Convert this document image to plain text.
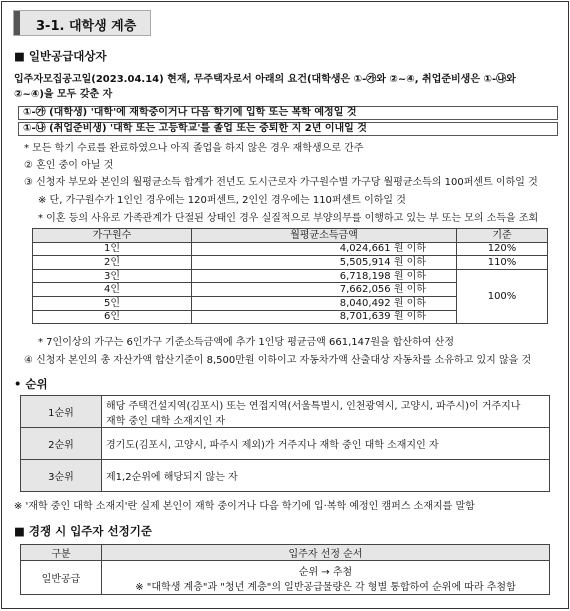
3-1. 대학생 계층
■ 일반공급대상자
입주자모집공고일(2023.04.14) 현재, 무주택자로서 아래의 요건(대학생은 ①-㉮와 ②~④, 취업준비생은 ①-㉯와
②~④)을 모두 갖춘 자
①-㉮ (대학생) '대학'에 재학중이거나 다음 학기에 입학 또는 복학 예정일 것
①-㉯ (취업준비생) '대학 또는 고등학교'를 졸업 또는 중퇴한 지 2년 이내일 것
* 모든 학기 수료를 완료하였으나 아직 졸업을 하지 않은 경우 재학생으로 간주
② 혼인 중이 아닐 것
③ 신청자 부모와 본인의 월평균소득 합계가 전년도 도시근로자 가구원수별 가구당 월평균소득의 100퍼센트 이하일 것
※ 단, 가구원수가 1인인 경우에는 120퍼센트, 2인인 경우에는 110퍼센트 이하일 것
* 이혼 등의 사유로 가족관계가 단절된 상태인 경우 실질적으로 부양의무를 이행하고 있는 부 또는 모의 소득을 조회
가구원수	월평균소득금액	기준
1인	4,024,661 원 이하	120%
2인	5,505,914 원 이하	110%
3인	6,718,198 원 이하	100%
4인	7,662,056 원 이하	
5인	8,040,492 원 이하	
6인	8,701,639 원 이하	
* 7인이상의 가구는 6인가구 기준소득금액에 추가 1인당 평균금액 661,147원을 합산하여 산정
④ 신청자 본인의 총 자산가액 합산기준이 8,500만원 이하이고 자동차가액 산출대상 자동차를 소유하고 있지 않을 것
• 순위
1순위	해당 주택건설지역(김포시) 또는 연접지역(서울특별시, 인천광역시, 고양시, 파주시)이 거주지나
재학 중인 대학 소재지인 자

2순위	경기도(김포시, 고양시, 파주시 제외)가 거주지나 재학 중인 대학 소재지인 자
3순위	제1,2순위에 해당되지 않는 자
※ '재학 중인 대학 소재지'란 실제 본인이 재학 중이거나 다음 학기에 입·복학 예정인 캠퍼스 소재지를 말함
■ 경쟁 시 입주자 선정기준
구분	입주자 선정 순서
일반공급	순위 → 추첨
※ "대학생 계층"과 "청년 계층"의 일반공급물량은 각 형별 통합하여 순위에 따라 추첨함
